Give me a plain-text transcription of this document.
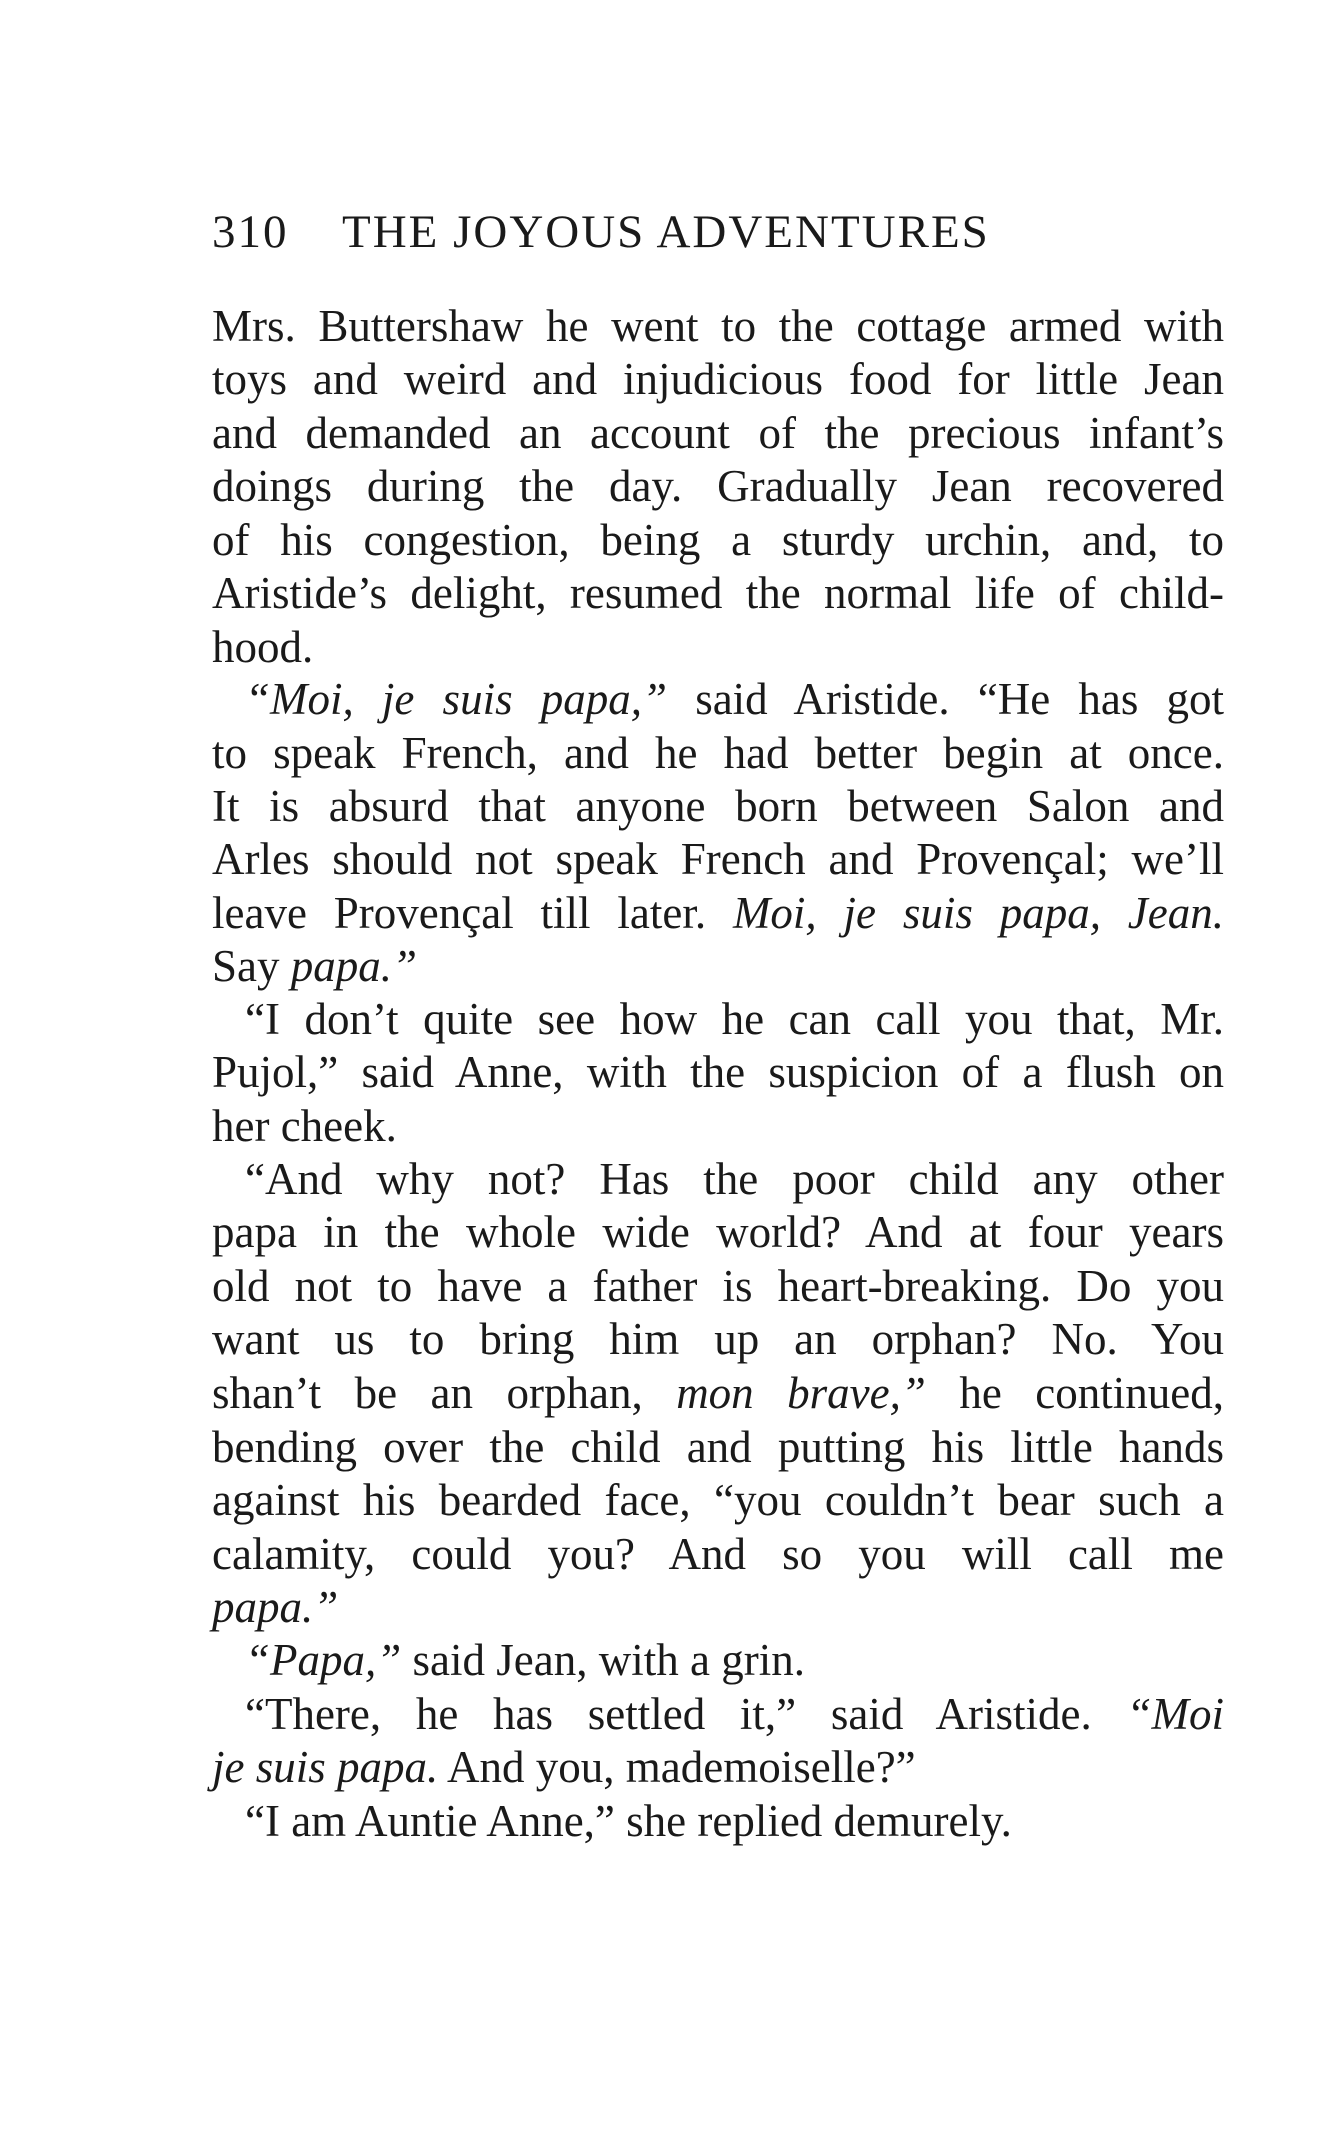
310 THE JOYOUS ADVENTURES
Mrs. Buttershaw he went to the cottage armed with
toys and weird and injudicious food for little Jean
and demanded an account of the precious infant’s
doings during the day. Gradually Jean recovered
of his congestion, being a sturdy urchin, and, to
Aristide’s delight, resumed the normal life of child-
hood.
“Moi, je suis papa,” said Aristide. “He has got
to speak French, and he had better begin at once.
It is absurd that anyone born between Salon and
Arles should not speak French and Provençal; we’ll
leave Provençal till later. Moi, je suis papa, Jean.
Say papa.”
“I don’t quite see how he can call you that, Mr.
Pujol,” said Anne, with the suspicion of a flush on
her cheek.
“And why not? Has the poor child any other
papa in the whole wide world? And at four years
old not to have a father is heart-breaking. Do you
want us to bring him up an orphan? No. You
shan’t be an orphan, mon brave,” he continued,
bending over the child and putting his little hands
against his bearded face, “you couldn’t bear such a
calamity, could you? And so you will call me
papa.”
“Papa,” said Jean, with a grin.
“There, he has settled it,” said Aristide. “Moi
je suis papa. And you, mademoiselle?”
“I am Auntie Anne,” she replied demurely.
